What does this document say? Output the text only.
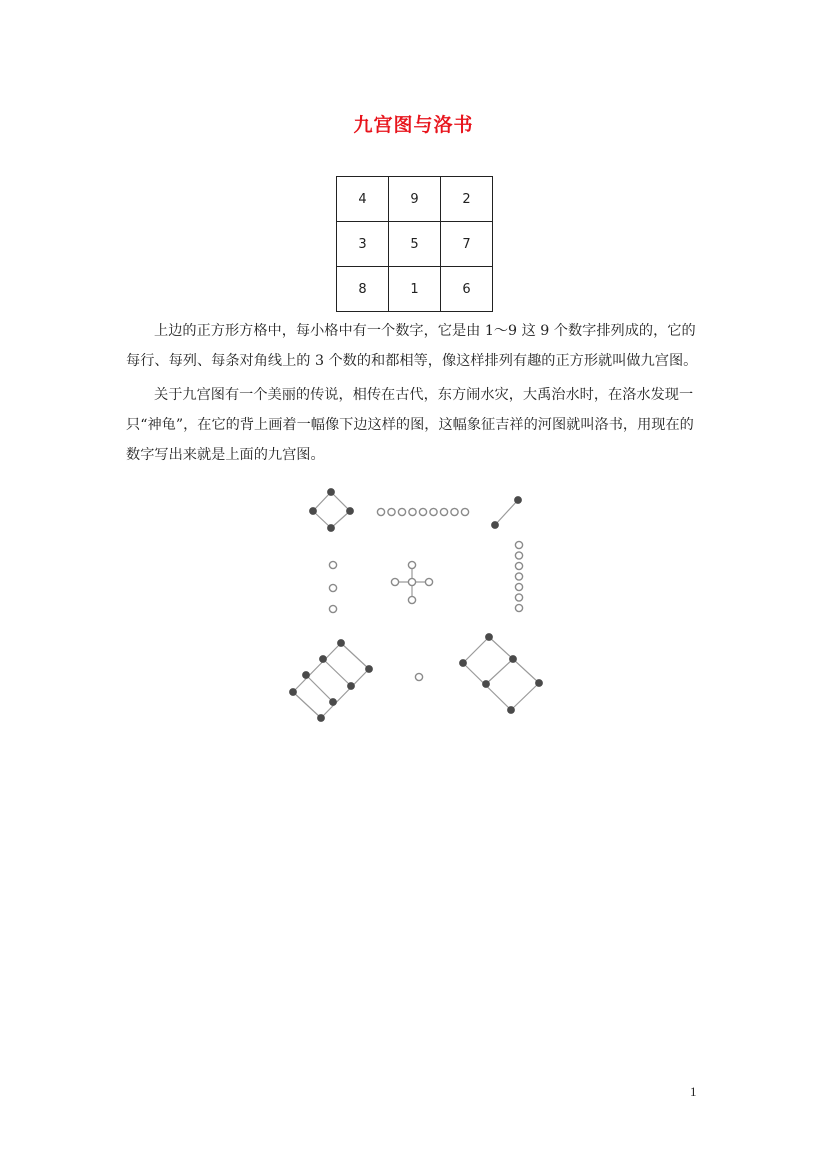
九宫图与洛书
4	9	2
3	5	7
8	1	6
上边的正方形方格中，每小格中有一个数字，它是由 1～9 这 9 个数字排列成的，它的每行、每列、每条对角线上的 3 个数的和都相等，像这样排列有趣的正方形就叫做九宫图。
关于九宫图有一个美丽的传说，相传在古代，东方闹水灾，大禹治水时，在洛水发现一只“神龟”，在它的背上画着一幅像下边这样的图，这幅象征吉祥的河图就叫洛书，用现在的数字写出来就是上面的九宫图。
1
